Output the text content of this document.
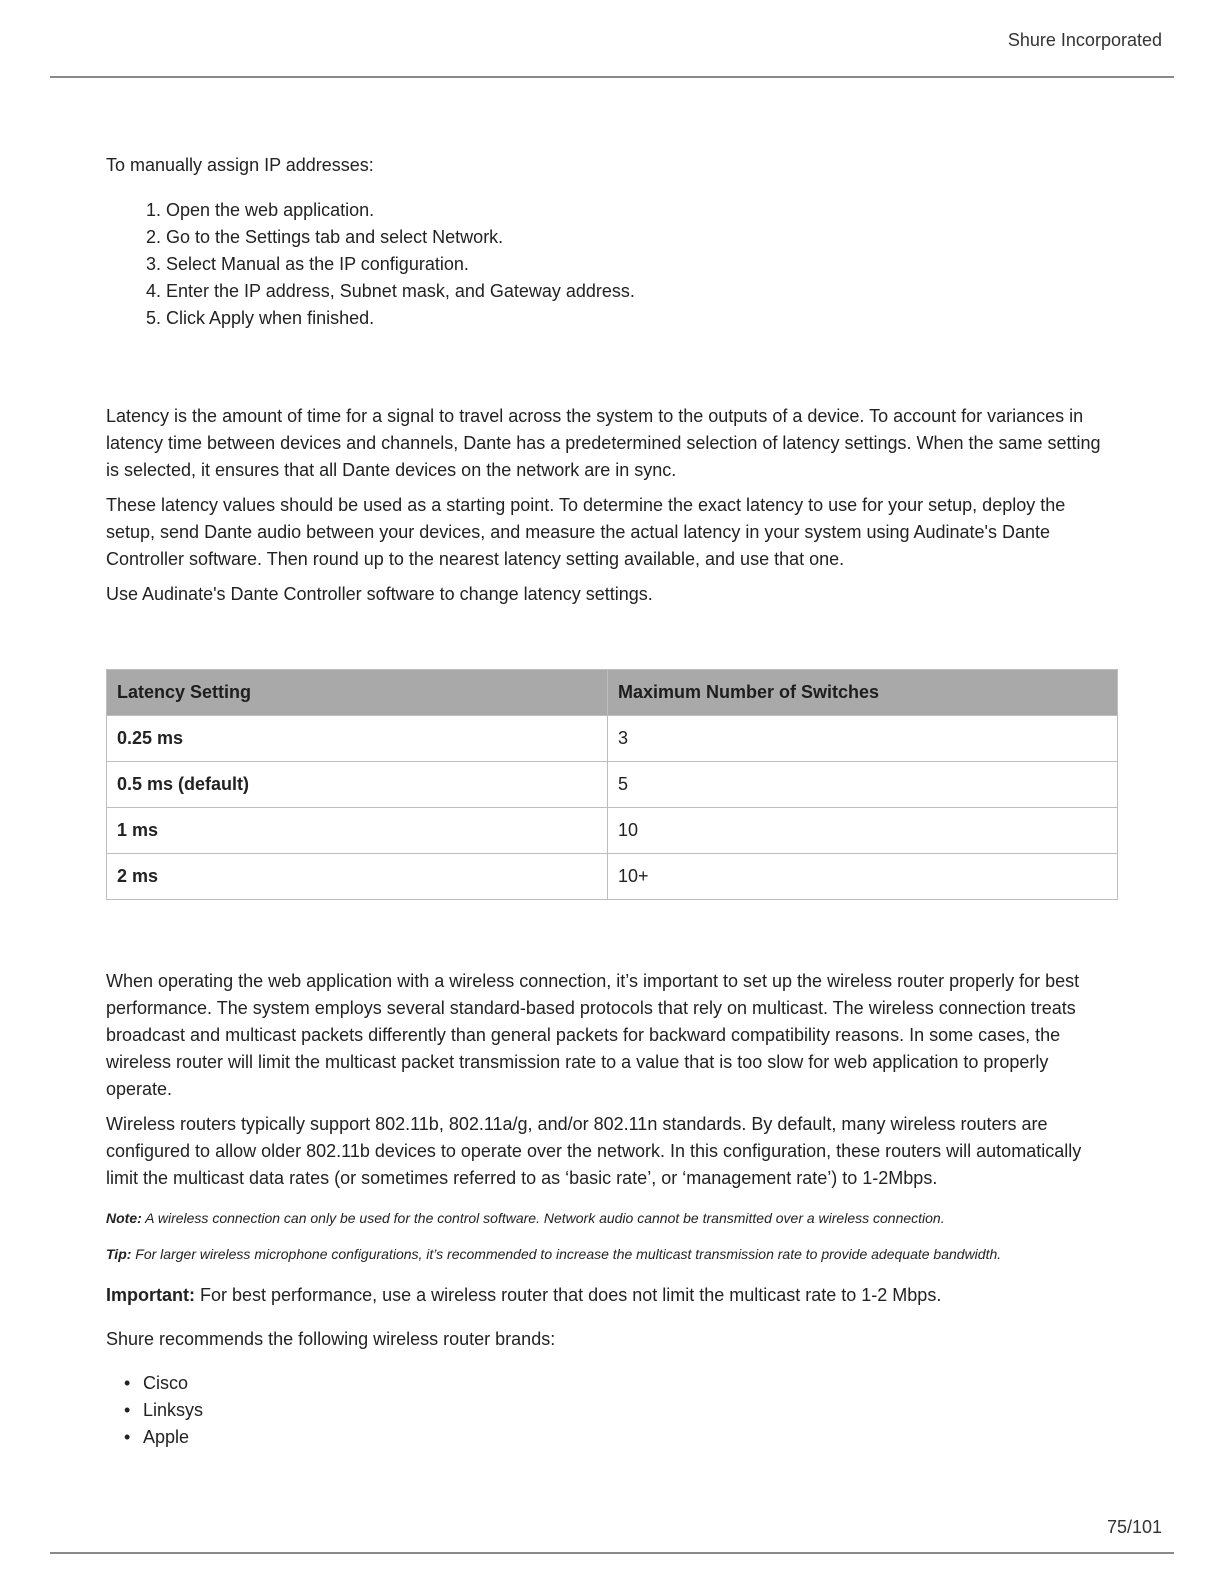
Shure Incorporated

To manually assign IP addresses:

1. Open the web application.
2. Go to the Settings tab and select Network.
3. Select Manual as the IP configuration.
4. Enter the IP address, Subnet mask, and Gateway address.
5. Click Apply when finished.

Latency is the amount of time for a signal to travel across the system to the outputs of a device. To account for variances in latency time between devices and channels, Dante has a predetermined selection of latency settings. When the same setting is selected, it ensures that all Dante devices on the network are in sync.

These latency values should be used as a starting point. To determine the exact latency to use for your setup, deploy the setup, send Dante audio between your devices, and measure the actual latency in your system using Audinate's Dante Controller software. Then round up to the nearest latency setting available, and use that one.

Use Audinate's Dante Controller software to change latency settings.

Latency Setting	Maximum Number of Switches
0.25 ms	3
0.5 ms (default)	5
1 ms	10
2 ms	10+

When operating the web application with a wireless connection, it’s important to set up the wireless router properly for best performance. The system employs several standard-based protocols that rely on multicast. The wireless connection treats broadcast and multicast packets differently than general packets for backward compatibility reasons. In some cases, the wireless router will limit the multicast packet transmission rate to a value that is too slow for web application to properly operate.

Wireless routers typically support 802.11b, 802.11a/g, and/or 802.11n standards. By default, many wireless routers are configured to allow older 802.11b devices to operate over the network. In this configuration, these routers will automatically limit the multicast data rates (or sometimes referred to as ‘basic rate’, or ‘management rate’) to 1-2Mbps.

Note: A wireless connection can only be used for the control software. Network audio cannot be transmitted over a wireless connection.

Tip: For larger wireless microphone configurations, it’s recommended to increase the multicast transmission rate to provide adequate bandwidth.

Important: For best performance, use a wireless router that does not limit the multicast rate to 1-2 Mbps.

Shure recommends the following wireless router brands:

• Cisco
• Linksys
• Apple

75/101
